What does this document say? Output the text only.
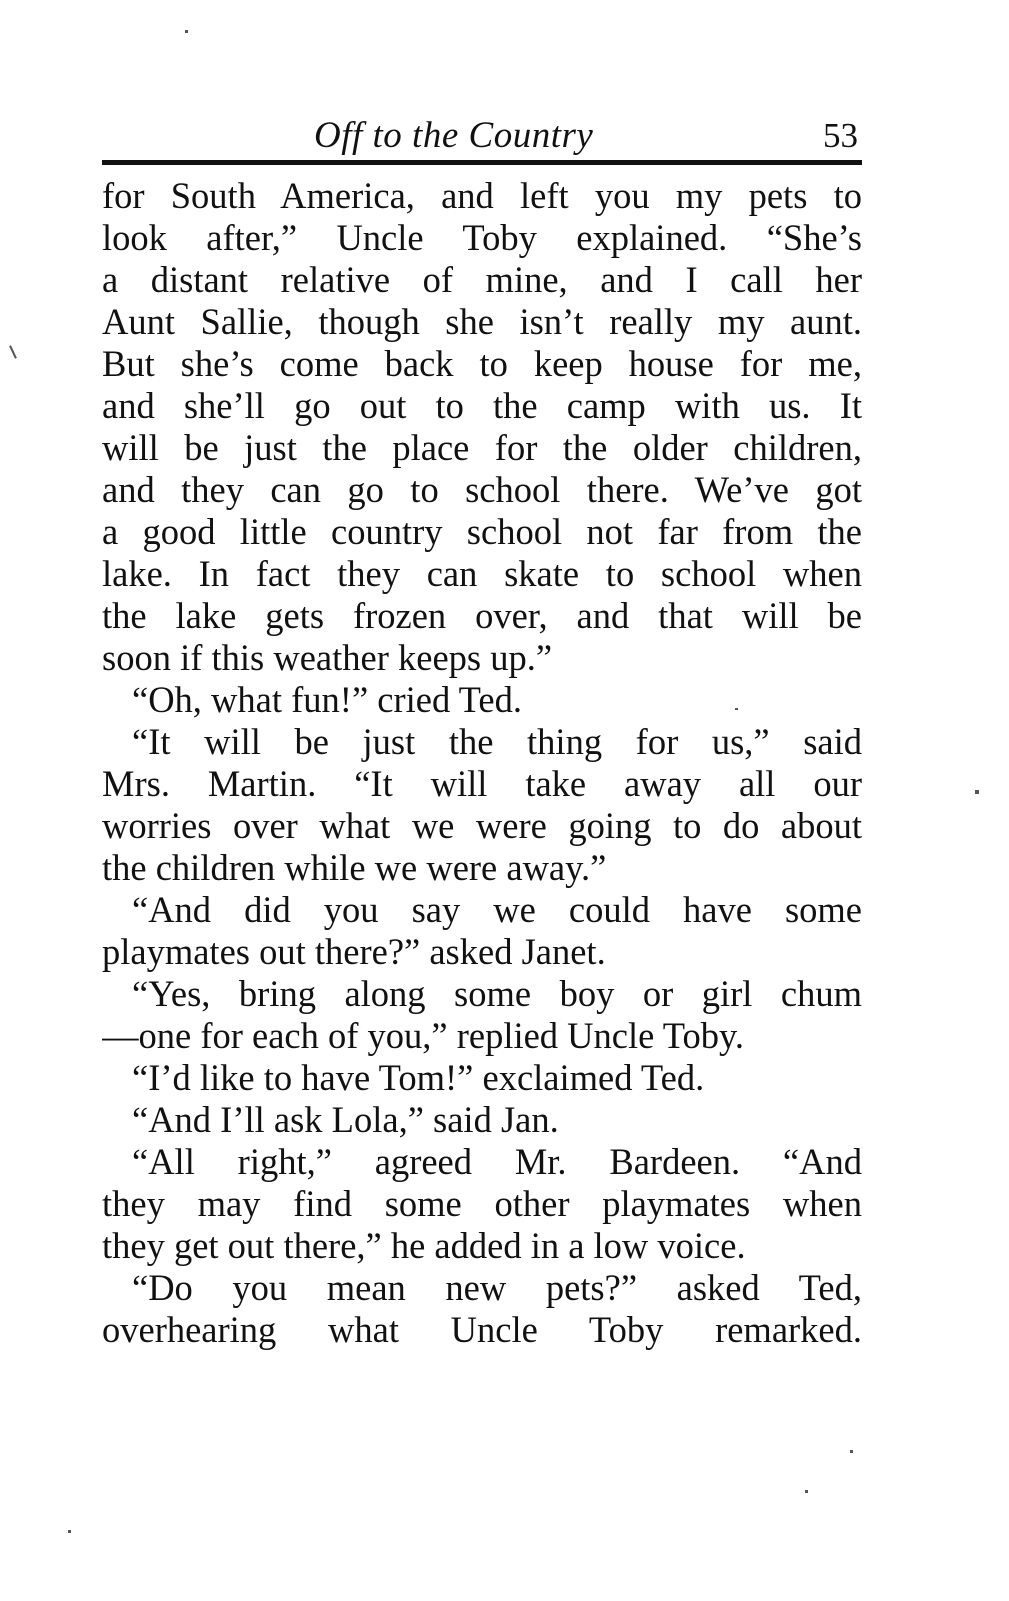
Off to the Country	53
for South America, and left you my pets to
look after,” Uncle Toby explained. “She’s
a distant relative of mine, and I call her
Aunt Sallie, though she isn’t really my aunt.
But she’s come back to keep house for me,
and she’ll go out to the camp with us. It
will be just the place for the older children,
and they can go to school there. We’ve got
a good little country school not far from the
lake. In fact they can skate to school when
the lake gets frozen over, and that will be
soon if this weather keeps up.”
“Oh, what fun!” cried Ted.
“It will be just the thing for us,” said
Mrs. Martin. “It will take away all our
worries over what we were going to do about
the children while we were away.”
“And did you say we could have some
playmates out there?” asked Janet.
“Yes, bring along some boy or girl chum
—one for each of you,” replied Uncle Toby.
“I’d like to have Tom!” exclaimed Ted.
“And I’ll ask Lola,” said Jan.
“All right,” agreed Mr. Bardeen. “And
they may find some other playmates when
they get out there,” he added in a low voice.
“Do you mean new pets?” asked Ted,
overhearing what Uncle Toby remarked.
